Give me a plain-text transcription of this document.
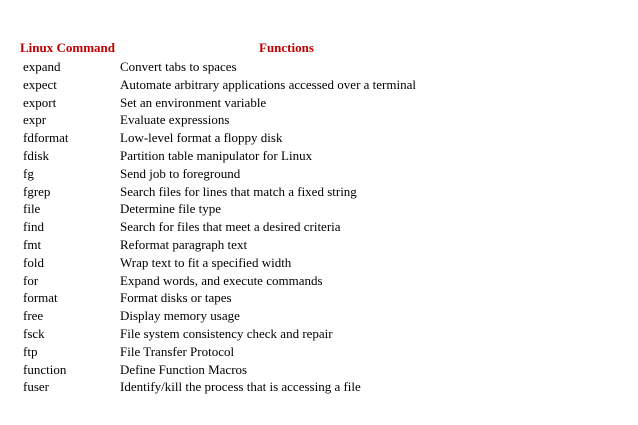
Linux Command	Functions
expand	Convert tabs to spaces
expect	Automate arbitrary applications accessed over a terminal
export	Set an environment variable
expr	Evaluate expressions
fdformat	Low-level format a floppy disk
fdisk	Partition table manipulator for Linux
fg	Send job to foreground
fgrep	Search files for lines that match a fixed string
file	Determine file type
find	Search for files that meet a desired criteria
fmt	Reformat paragraph text
fold	Wrap text to fit a specified width
for	Expand words, and execute commands
format	Format disks or tapes
free	Display memory usage
fsck	File system consistency check and repair
ftp	File Transfer Protocol
function	Define Function Macros
fuser	Identify/kill the process that is accessing a file
